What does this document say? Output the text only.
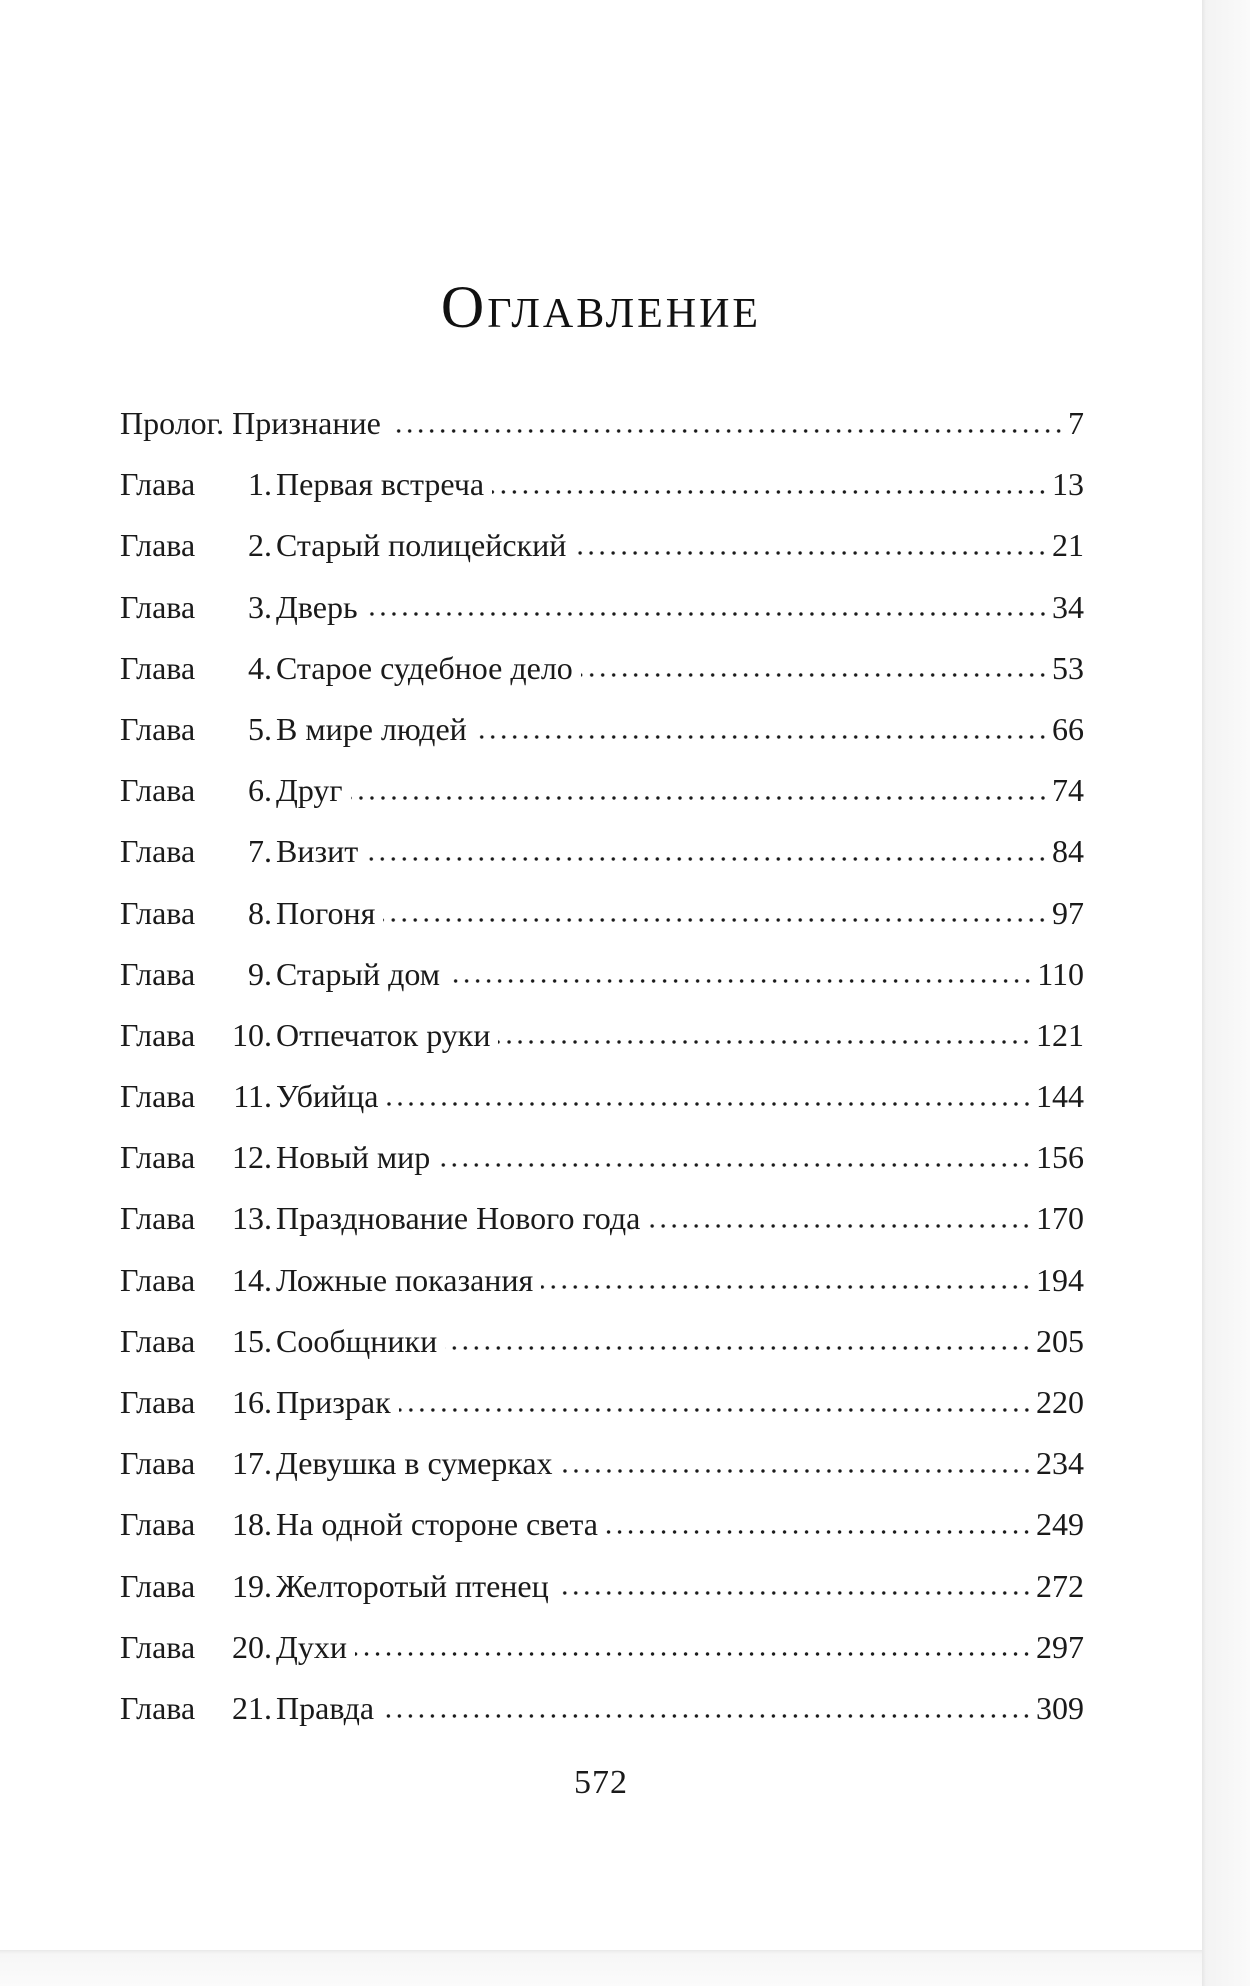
Оглавление
Пролог. Признание	7
Глава	1. Первая встреча	13
Глава	2. Старый полицейский	21
Глава	3. Дверь	34
Глава	4. Старое судебное дело	53
Глава	5. В мире людей	66
Глава	6. Друг	74
Глава	7. Визит	84
Глава	8. Погоня	97
Глава	9. Старый дом	110
Глава	10. Отпечаток руки	121
Глава	11. Убийца	144
Глава	12. Новый мир	156
Глава	13. Празднование Нового года	170
Глава	14. Ложные показания	194
Глава	15. Сообщники	205
Глава	16. Призрак	220
Глава	17. Девушка в сумерках	234
Глава	18. На одной стороне света	249
Глава	19. Желторотый птенец	272
Глава	20. Духи	297
Глава	21. Правда	309
572
